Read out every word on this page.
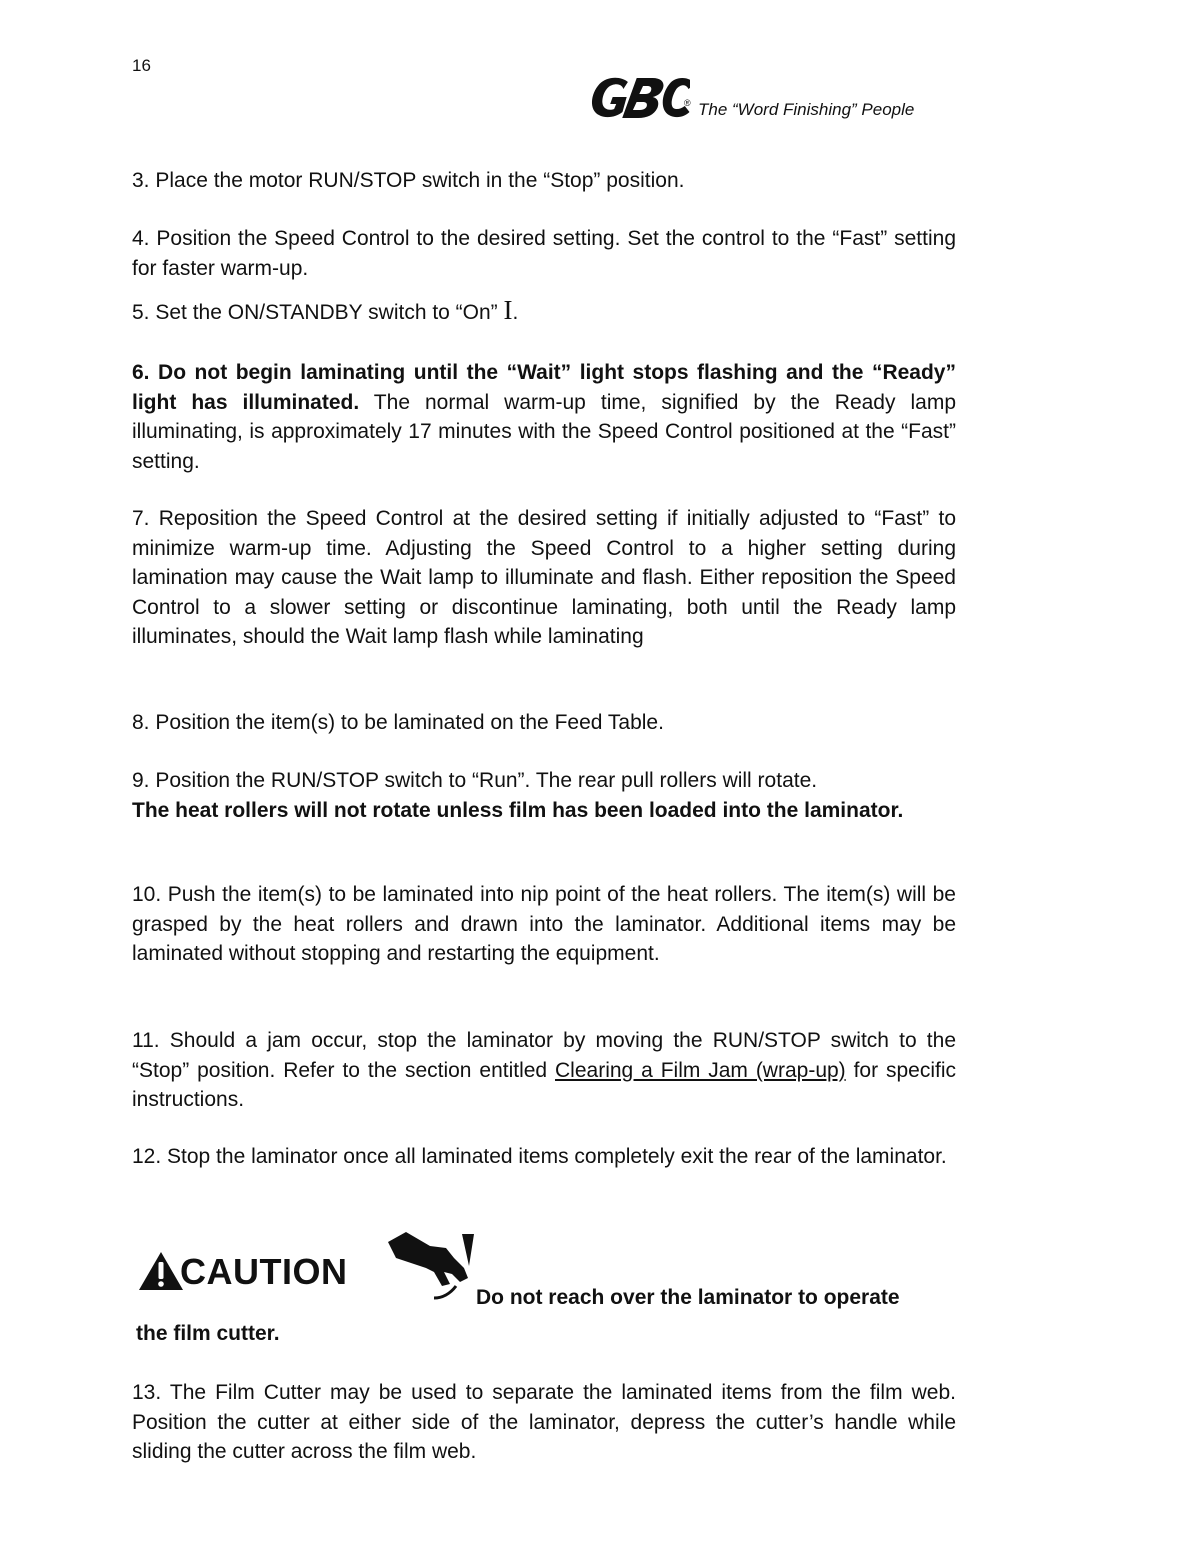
16
® The “Word Finishing” People

3. Place the motor RUN/STOP switch in the “Stop” position.

4. Position the Speed Control to the desired setting. Set the control to the “Fast” setting for faster warm-up.

5. Set the ON/STANDBY switch to “On” I.

6. Do not begin laminating until the “Wait” light stops flashing and the “Ready” light has illuminated. The normal warm-up time, signified by the Ready lamp illuminating, is approximately 17 minutes with the Speed Control positioned at the “Fast” setting.

7. Reposition the Speed Control at the desired setting if initially adjusted to “Fast” to minimize warm-up time. Adjusting the Speed Control to a higher setting during lamination may cause the Wait lamp to illuminate and flash. Either reposition the Speed Control to a slower setting or discontinue laminating, both until the Ready lamp illuminates, should the Wait lamp flash while laminating

8. Position the item(s) to be laminated on the Feed Table.

9. Position the RUN/STOP switch to “Run”. The rear pull rollers will rotate.
The heat rollers will not rotate unless film has been loaded into the laminator.

10. Push the item(s) to be laminated into nip point of the heat rollers. The item(s) will be grasped by the heat rollers and drawn into the laminator. Additional items may be laminated without stopping and restarting the equipment.

11. Should a jam occur, stop the laminator by moving the RUN/STOP switch to the “Stop” position. Refer to the section entitled Clearing a Film Jam (wrap-up) for specific instructions.

12. Stop the laminator once all laminated items completely exit the rear of the laminator.

CAUTION
Do not reach over the laminator to operate
the film cutter.

13. The Film Cutter may be used to separate the laminated items from the film web. Position the cutter at either side of the laminator, depress the cutter’s handle while sliding the cutter across the film web.
